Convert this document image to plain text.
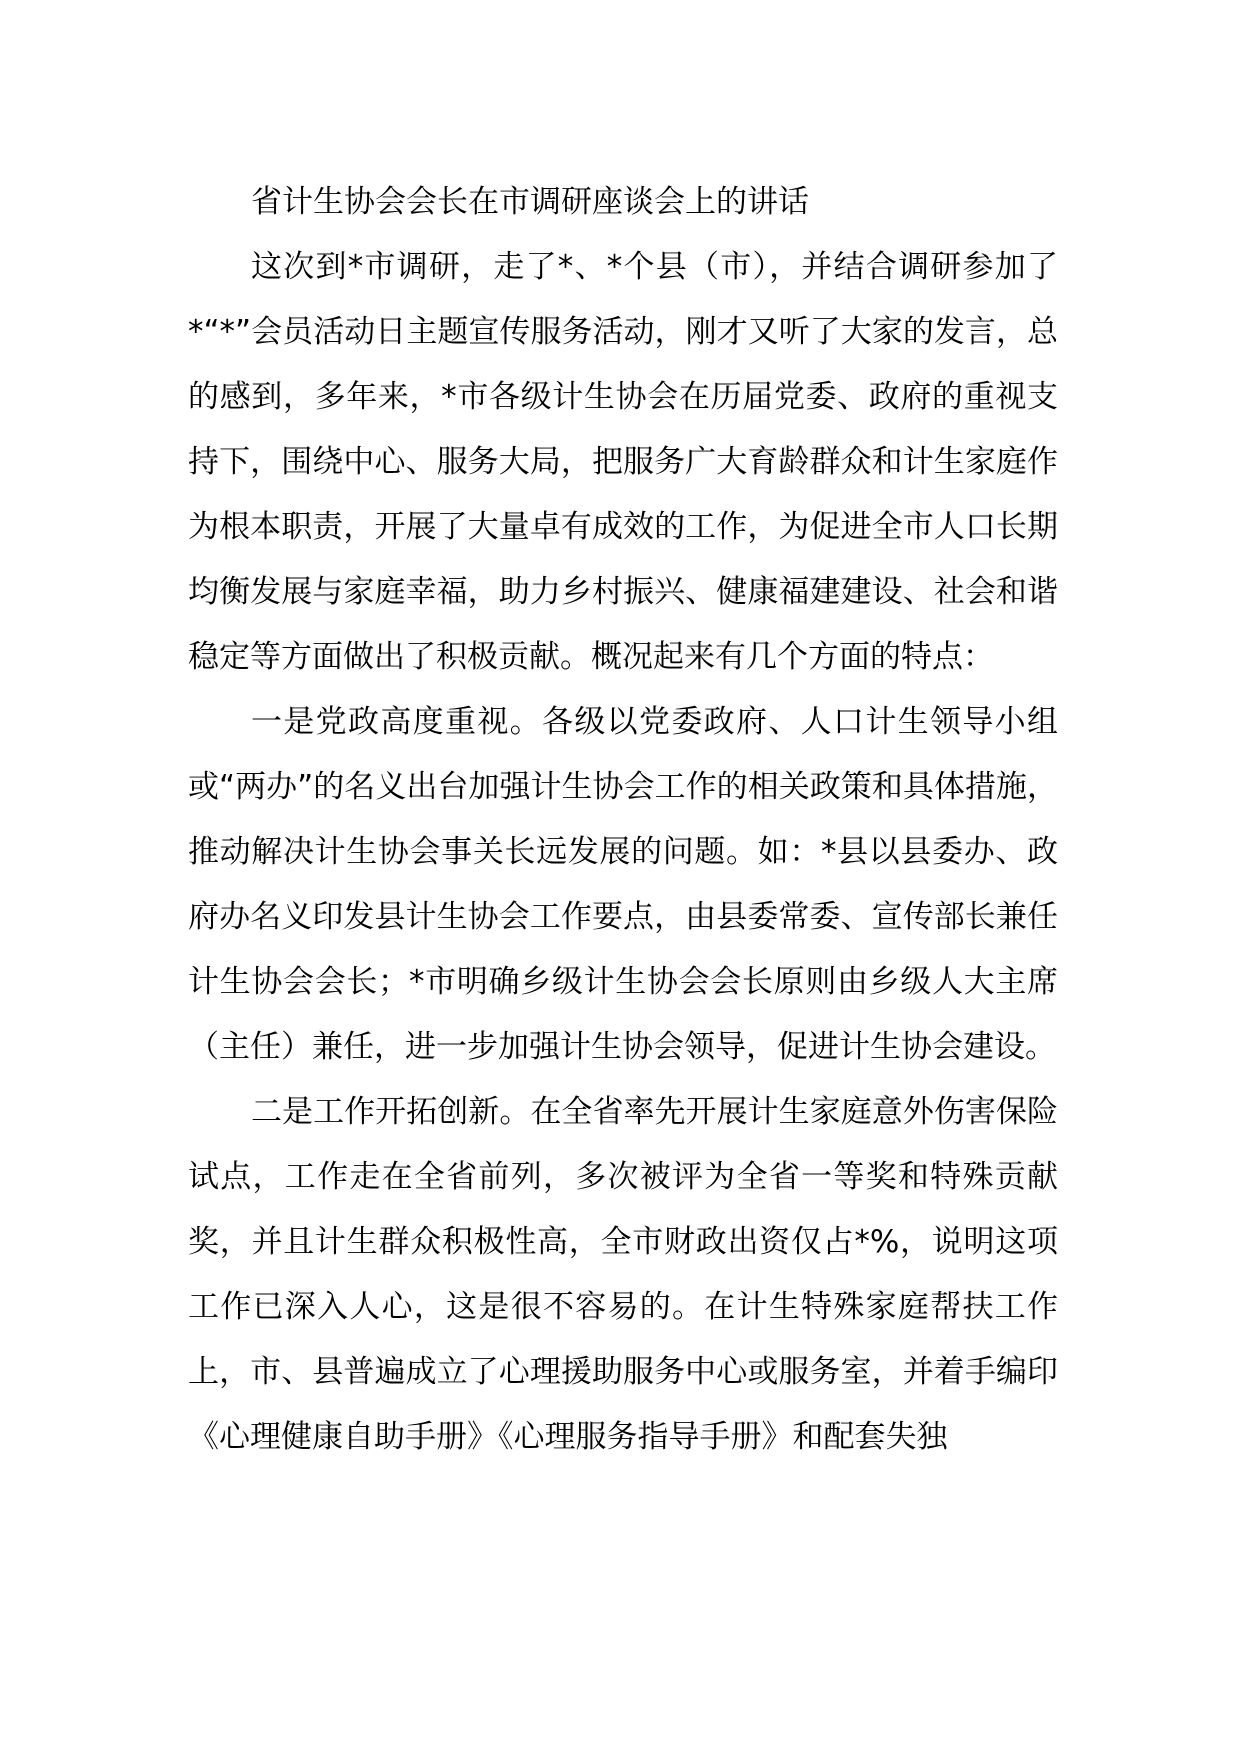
省计生协会会长在市调研座谈会上的讲话

这次到*市调研，走了*、*个县（市），并结合调研参加了*“*”会员活动日主题宣传服务活动，刚才又听了大家的发言，总的感到，多年来，*市各级计生协会在历届党委、政府的重视支持下，围绕中心、服务大局，把服务广大育龄群众和计生家庭作为根本职责，开展了大量卓有成效的工作，为促进全市人口长期均衡发展与家庭幸福，助力乡村振兴、健康福建建设、社会和谐稳定等方面做出了积极贡献。概况起来有几个方面的特点：

一是党政高度重视。各级以党委政府、人口计生领导小组或“两办”的名义出台加强计生协会工作的相关政策和具体措施，推动解决计生协会事关长远发展的问题。如：*县以县委办、政府办名义印发县计生协会工作要点，由县委常委、宣传部长兼任计生协会会长；*市明确乡级计生协会会长原则由乡级人大主席（主任）兼任，进一步加强计生协会领导，促进计生协会建设。

二是工作开拓创新。在全省率先开展计生家庭意外伤害保险试点，工作走在全省前列，多次被评为全省一等奖和特殊贡献奖，并且计生群众积极性高，全市财政出资仅占*%，说明这项工作已深入人心，这是很不容易的。在计生特殊家庭帮扶工作上，市、县普遍成立了心理援助服务中心或服务室，并着手编印《心理健康自助手册》《心理服务指导手册》和配套失独
